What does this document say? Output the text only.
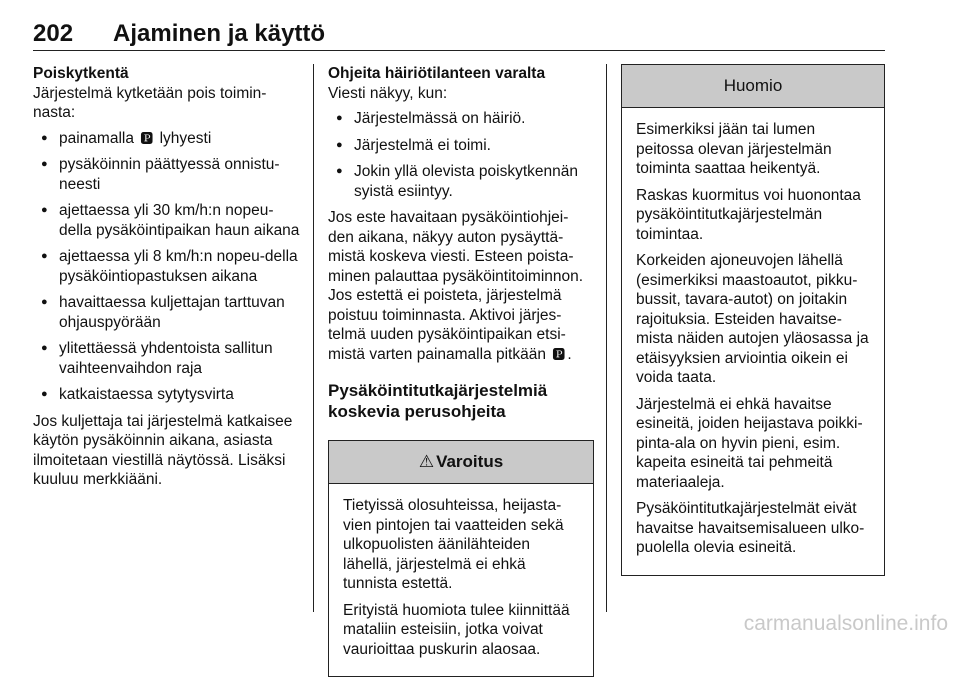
202 Ajaminen ja käyttö

Poiskytkentä

Järjestelmä kytketään pois toimin-nasta:

● painamalla 🅿︎ lyhyesti
● pysäköinnin päättyessä onnistu-neesti
● ajettaessa yli 30 km/h:n nopeu-della pysäköintipaikan haun aikana
● ajettaessa yli 8 km/h:n nopeu-della pysäköintiopastuksen aikana
● havaittaessa kuljettajan tarttuvan ohjauspyörään
● ylitettäessä yhdentoista sallitun vaihteenvaihdon raja
● katkaistaessa sytytysvirta

Jos kuljettaja tai järjestelmä katkaisee käytön pysäköinnin aikana, asiasta ilmoitetaan viestillä näytössä. Lisäksi kuuluu merkkiääni.

Ohjeita häiriötilanteen varalta

Viesti näkyy, kun:

● Järjestelmässä on häiriö.
● Järjestelmä ei toimi.
● Jokin yllä olevista poiskytkennän syistä esiintyy.

Jos este havaitaan pysäköintiohjei-den aikana, näkyy auton pysäyttä-mistä koskeva viesti. Esteen poista-minen palauttaa pysäköintitoiminnon. Jos estettä ei poisteta, järjestelmä poistuu toiminnasta. Aktivoi järjes-telmä uuden pysäköintipaikan etsi-mistä varten painamalla pitkään 🅿︎ .

Pysäköintitutkajärjestelmiä koskevia perusohjeita

⚠ Varoitus

Tietyissä olosuhteissa, heijasta-vien pintojen tai vaatteiden sekä ulkopuolisten äänilähteiden lähellä, järjestelmä ei ehkä tunnista estettä.

Erityistä huomiota tulee kiinnittää mataliin esteisiin, jotka voivat vaurioittaa puskurin alaosaa.

Huomio

Esimerkiksi jään tai lumen peitossa olevan järjestelmän toiminta saattaa heikentyä.

Raskas kuormitus voi huonontaa pysäköintitutkajärjestelmän toimintaa.

Korkeiden ajoneuvojen lähellä (esimerkiksi maastoautot, pikku-bussit, tavara-autot) on joitakin rajoituksia. Esteiden havaitse-mista näiden autojen yläosassa ja etäisyyksien arviointia oikein ei voida taata.

Järjestelmä ei ehkä havaitse esineitä, joiden heijastava poikki-pinta-ala on hyvin pieni, esim. kapeita esineitä tai pehmeitä materiaaleja.

Pysäköintitutkajärjestelmät eivät havaitse havaitsemisalueen ulko-puolella olevia esineitä.

carmanualsonline.info
